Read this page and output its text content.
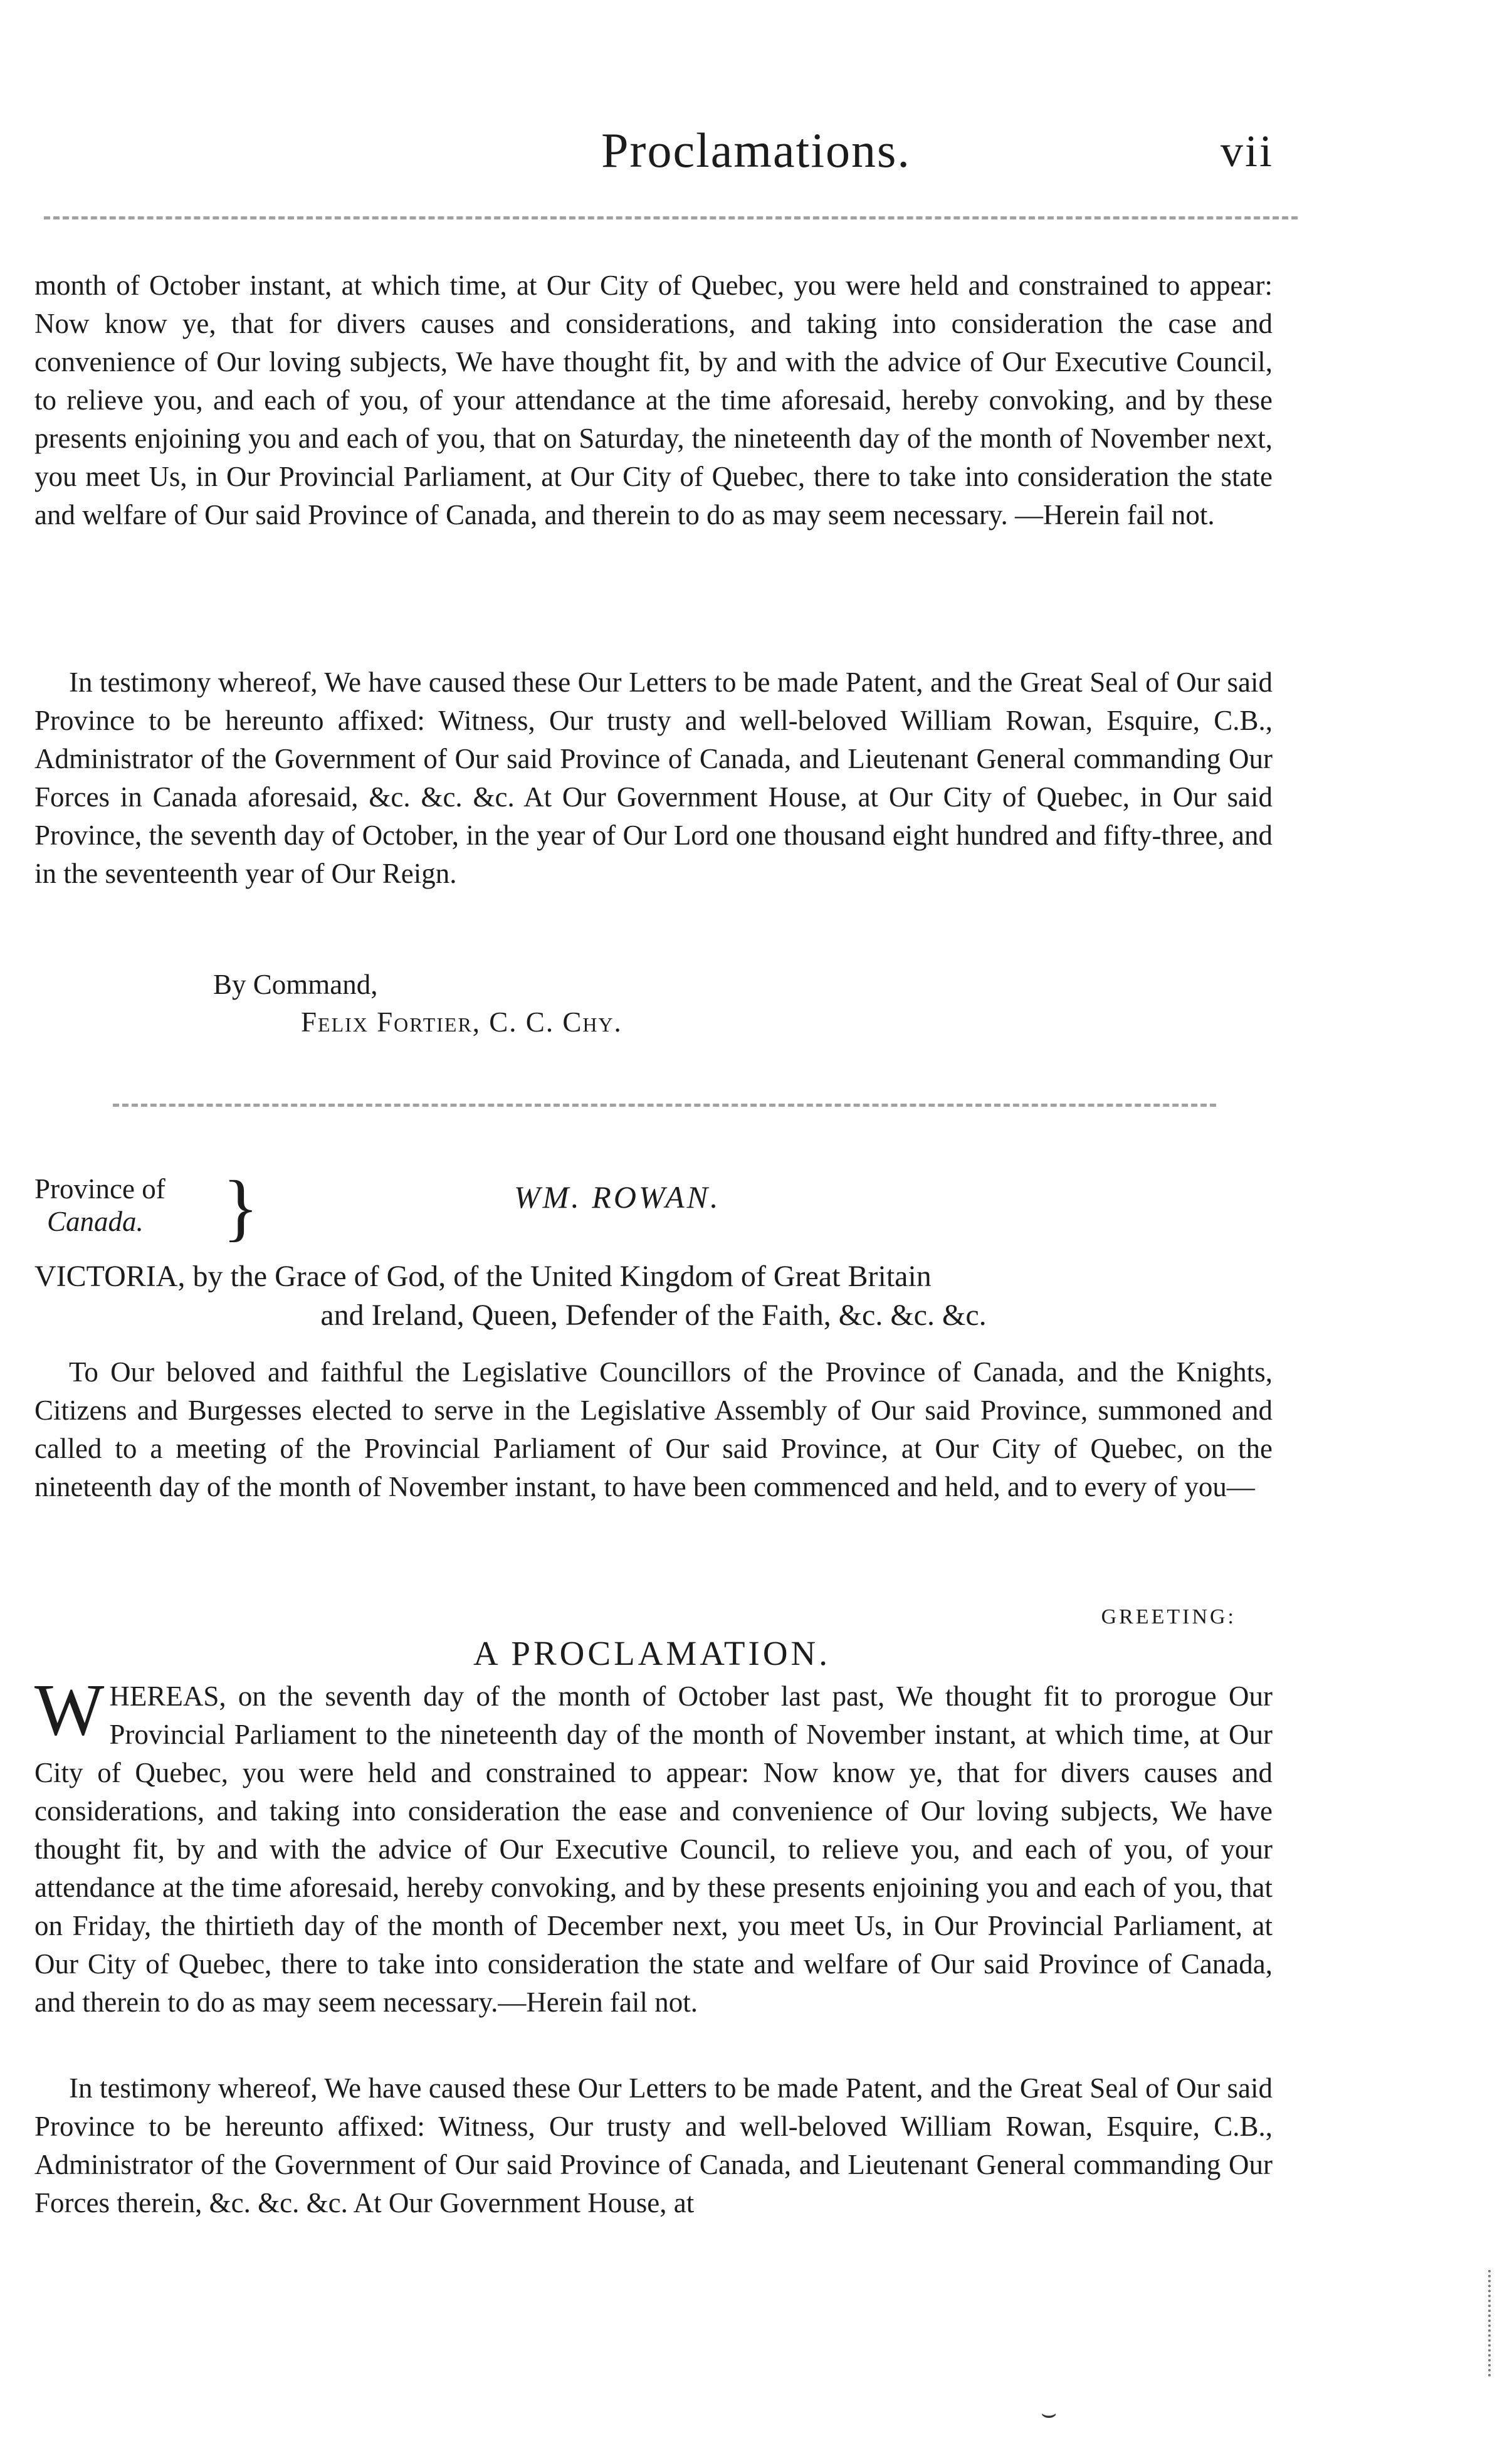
Proclamations.	vii

month of October instant, at which time, at Our City of Quebec, you were held and constrained to appear: Now know ye, that for divers causes and considerations, and taking into consideration the case and convenience of Our loving subjects, We have thought fit, by and with the advice of Our Executive Council, to relieve you, and each of you, of your attendance at the time aforesaid, hereby convoking, and by these presents enjoining you and each of you, that on Saturday, the nineteenth day of the month of November next, you meet Us, in Our Provincial Parliament, at Our City of Quebec, there to take into consideration the state and welfare of Our said Province of Canada, and therein to do as may seem necessary. —Herein fail not.

In testimony whereof, We have caused these Our Letters to be made Patent, and the Great Seal of Our said Province to be hereunto affixed: Witness, Our trusty and well-beloved William Rowan, Esquire, C.B., Administrator of the Government of Our said Province of Canada, and Lieutenant General commanding Our Forces in Canada aforesaid, &c. &c. &c. At Our Government House, at Our City of Quebec, in Our said Province, the seventh day of October, in the year of Our Lord one thousand eight hundred and fifty-three, and in the seventeenth year of Our Reign.

By Command,

Felix Fortier, C. C. Chy.

Province of
Canada. }	WM. ROWAN.

VICTORIA, by the Grace of God, of the United Kingdom of Great Britain

and Ireland, Queen, Defender of the Faith, &c. &c. &c.

To Our beloved and faithful the Legislative Councillors of the Province of Canada, and the Knights, Citizens and Burgesses elected to serve in the Legislative Assembly of Our said Province, summoned and called to a meeting of the Provincial Parliament of Our said Province, at Our City of Quebec, on the nineteenth day of the month of November instant, to have been commenced and held, and to every of you—

GREETING:
A PROCLAMATION.
W HEREAS, on the seventh day of the month of October last past, We thought fit to prorogue Our Provincial Parliament to the nineteenth day of the month of November instant, at which time, at Our City of Quebec, you were held and constrained to appear: Now know ye, that for divers causes and considerations, and taking into consideration the ease and convenience of Our loving subjects, We have thought fit, by and with the advice of Our Executive Council, to relieve you, and each of you, of your attendance at the time aforesaid, hereby convoking, and by these presents enjoining you and each of you, that on Friday, the thirtieth day of the month of December next, you meet Us, in Our Provincial Parliament, at Our City of Quebec, there to take into consideration the state and welfare of Our said Province of Canada, and therein to do as may seem necessary.—Herein fail not.

In testimony whereof, We have caused these Our Letters to be made Patent, and the Great Seal of Our said Province to be hereunto affixed: Witness, Our trusty and well-beloved William Rowan, Esquire, C.B., Administrator of the Government of Our said Province of Canada, and Lieutenant General commanding Our Forces therein, &c. &c. &c. At Our Government House, at

⌣
